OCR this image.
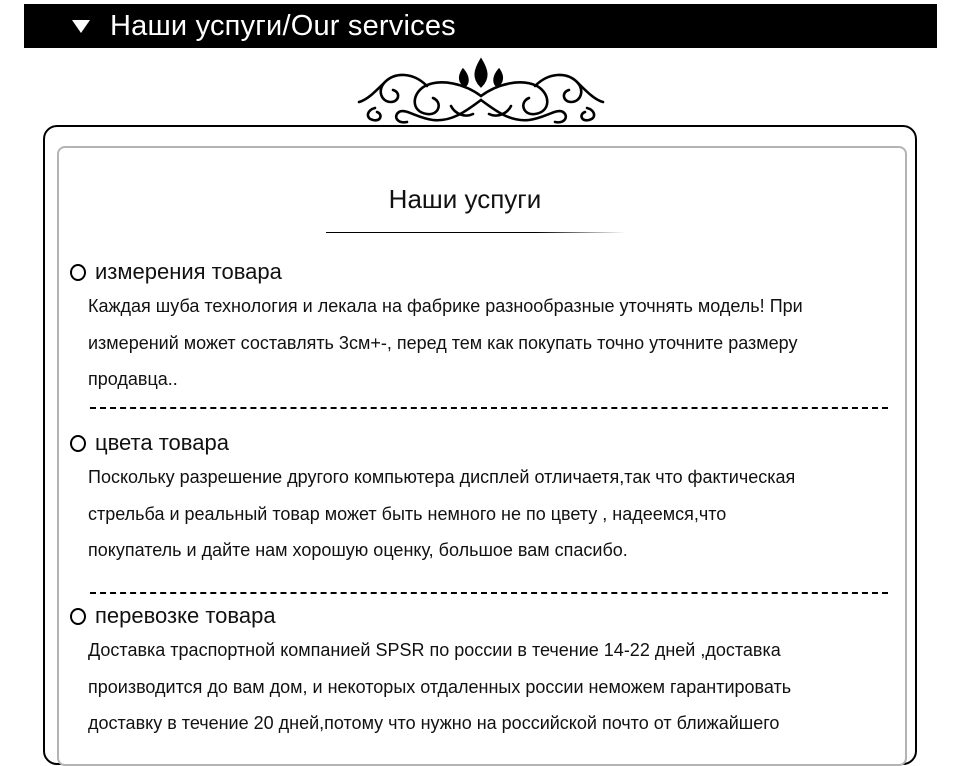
Наши успуги/Our services
Наши успуги
измерения товара

Каждая шуба технология и лекала на фабрике разнообразные уточнять модель! При

измерений может составлять 3см+-, перед тем как покупать точно уточните размеру

продавца..

цвета товара

Поскольку разрешение другого компьютера дисплей отличаетя,так что фактическая

стрельба и реальный товар может быть немного не по цвету , надеемся,что

покупатель и дайте нам хорошую оценку, большое вам спасибо.

перевозке товара

Доставка траспортной компанией SPSR по россии в течение 14-22 дней ,доставка

производится до вам дом, и некоторых отдаленных россии неможем гарантировать

доставку в течение 20 дней,потому что нужно на российской почто от ближайшего
